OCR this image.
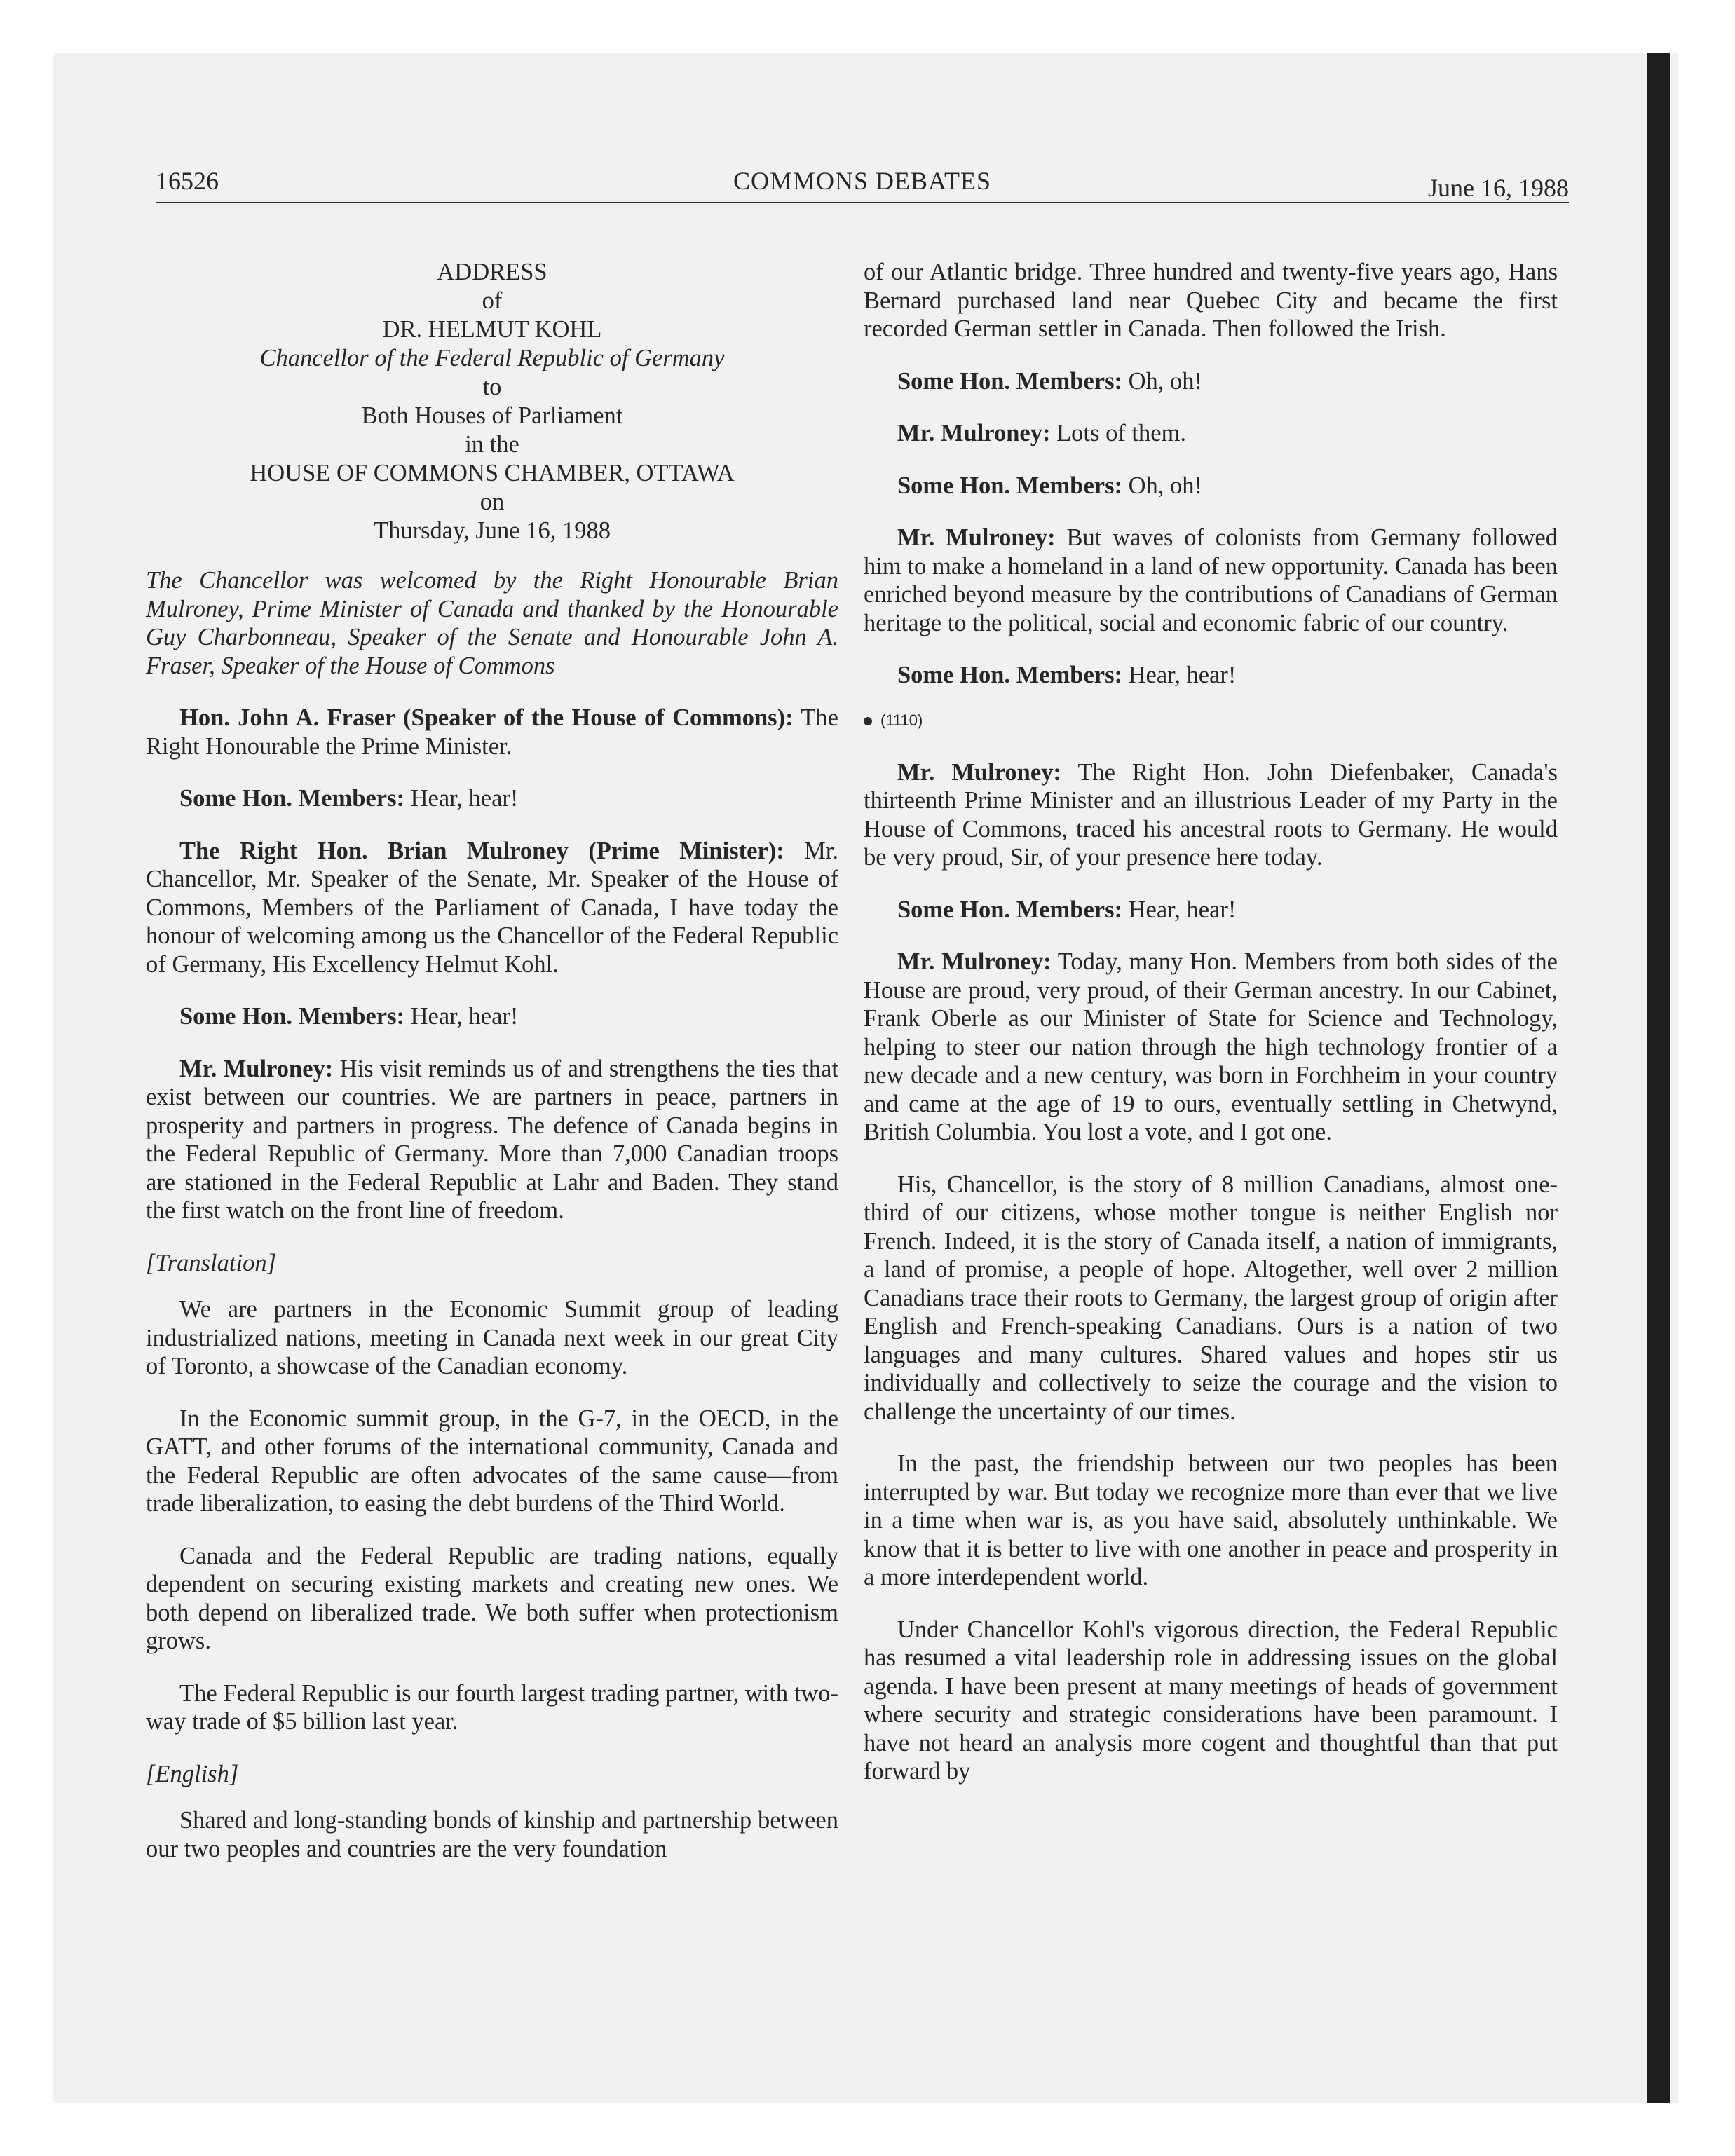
16526	COMMONS DEBATES	June 16, 1988
ADDRESS
of
DR. HELMUT KOHL
Chancellor of the Federal Republic of Germany
to
Both Houses of Parliament
in the
HOUSE OF COMMONS CHAMBER, OTTAWA
on
Thursday, June 16, 1988
The Chancellor was welcomed by the Right Honourable Brian Mulroney, Prime Minister of Canada and thanked by the Honourable Guy Charbonneau, Speaker of the Senate and Honourable John A. Fraser, Speaker of the House of Commons

Hon. John A. Fraser (Speaker of the House of Commons): The Right Honourable the Prime Minister.

Some Hon. Members: Hear, hear!

The Right Hon. Brian Mulroney (Prime Minister): Mr. Chancellor, Mr. Speaker of the Senate, Mr. Speaker of the House of Commons, Members of the Parliament of Canada, I have today the honour of welcoming among us the Chancellor of the Federal Republic of Germany, His Excellency Helmut Kohl.

Some Hon. Members: Hear, hear!

Mr. Mulroney: His visit reminds us of and strengthens the ties that exist between our countries. We are partners in peace, partners in prosperity and partners in progress. The defence of Canada begins in the Federal Republic of Germany. More than 7,000 Canadian troops are stationed in the Federal Republic at Lahr and Baden. They stand the first watch on the front line of freedom.

[Translation]

We are partners in the Economic Summit group of leading industrialized nations, meeting in Canada next week in our great City of Toronto, a showcase of the Canadian economy.

In the Economic summit group, in the G-7, in the OECD, in the GATT, and other forums of the international community, Canada and the Federal Republic are often advocates of the same cause—from trade liberalization, to easing the debt burdens of the Third World.

Canada and the Federal Republic are trading nations, equally dependent on securing existing markets and creating new ones. We both depend on liberalized trade. We both suffer when protectionism grows.

The Federal Republic is our fourth largest trading partner, with two-way trade of $5 billion last year.

[English]

Shared and long-standing bonds of kinship and partnership between our two peoples and countries are the very foundation

of our Atlantic bridge. Three hundred and twenty-five years ago, Hans Bernard purchased land near Quebec City and became the first recorded German settler in Canada. Then followed the Irish.

Some Hon. Members: Oh, oh!

Mr. Mulroney: Lots of them.

Some Hon. Members: Oh, oh!

Mr. Mulroney: But waves of colonists from Germany followed him to make a homeland in a land of new opportunity. Canada has been enriched beyond measure by the contributions of Canadians of German heritage to the political, social and economic fabric of our country.

Some Hon. Members: Hear, hear!

(1110)

Mr. Mulroney: The Right Hon. John Diefenbaker, Canada's thirteenth Prime Minister and an illustrious Leader of my Party in the House of Commons, traced his ancestral roots to Germany. He would be very proud, Sir, of your presence here today.

Some Hon. Members: Hear, hear!

Mr. Mulroney: Today, many Hon. Members from both sides of the House are proud, very proud, of their German ancestry. In our Cabinet, Frank Oberle as our Minister of State for Science and Technology, helping to steer our nation through the high technology frontier of a new decade and a new century, was born in Forchheim in your country and came at the age of 19 to ours, eventually settling in Chetwynd, British Columbia. You lost a vote, and I got one.

His, Chancellor, is the story of 8 million Canadians, almost one-third of our citizens, whose mother tongue is neither English nor French. Indeed, it is the story of Canada itself, a nation of immigrants, a land of promise, a people of hope. Altogether, well over 2 million Canadians trace their roots to Germany, the largest group of origin after English and French-speaking Canadians. Ours is a nation of two languages and many cultures. Shared values and hopes stir us individually and collectively to seize the courage and the vision to challenge the uncertainty of our times.

In the past, the friendship between our two peoples has been interrupted by war. But today we recognize more than ever that we live in a time when war is, as you have said, absolutely unthinkable. We know that it is better to live with one another in peace and prosperity in a more interdependent world.

Under Chancellor Kohl's vigorous direction, the Federal Republic has resumed a vital leadership role in addressing issues on the global agenda. I have been present at many meetings of heads of government where security and strategic considerations have been paramount. I have not heard an analysis more cogent and thoughtful than that put forward by
